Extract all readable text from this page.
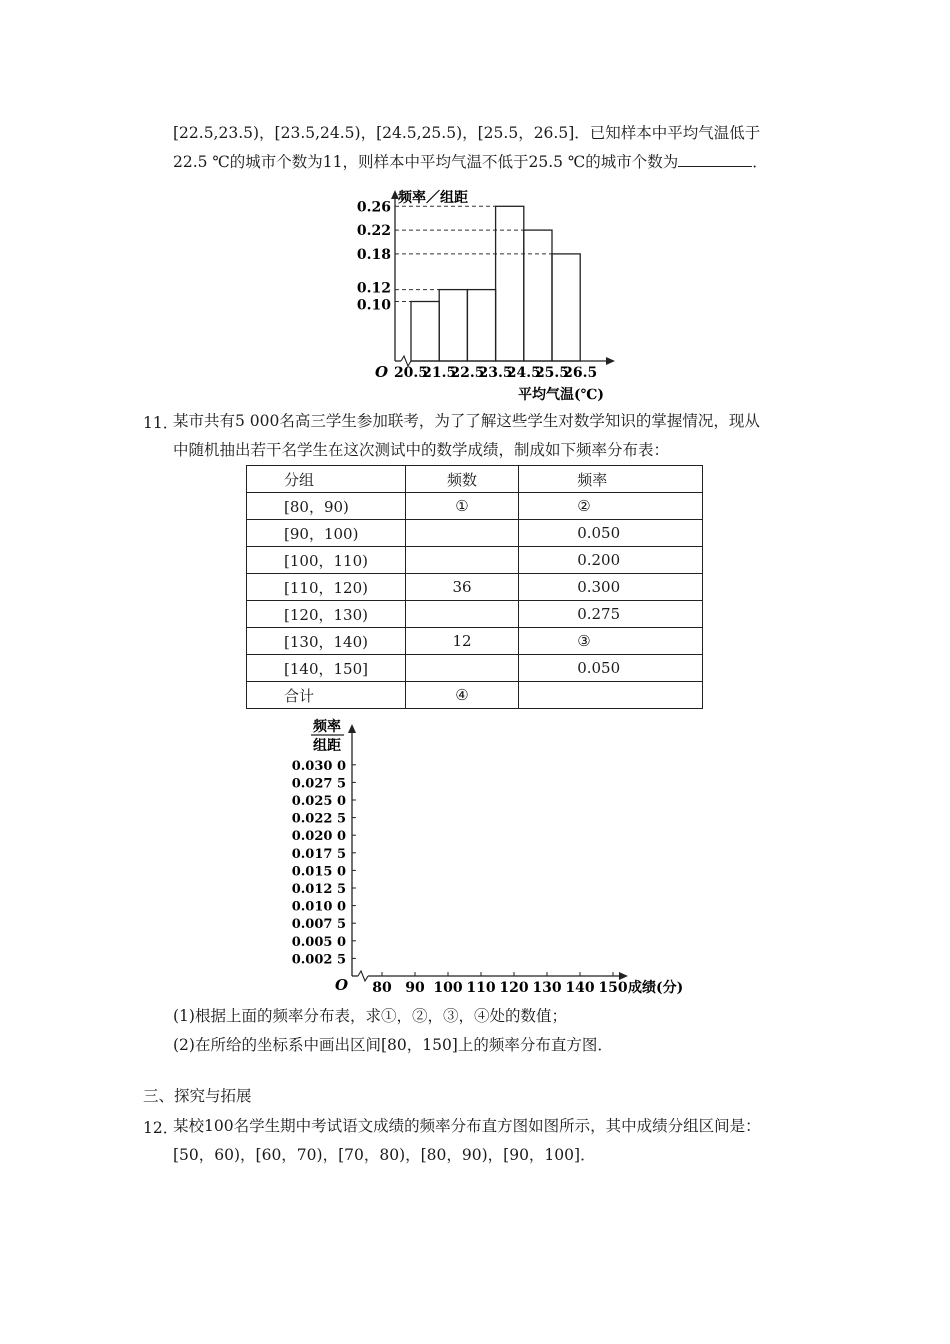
[22.5,23.5)，[23.5,24.5)，[24.5,25.5)，[25.5，26.5]．已知样本中平均气温低于
22.5 ℃的城市个数为11，则样本中平均气温不低于25.5 ℃的城市个数为	．
0.10
0.12
0.18
0.22
0.26
20.5
21.5
22.5
23.5
24.5
25.5
26.5
频率／组距
O
平均气温(℃)
11．
某市共有5 000名高三学生参加联考，为了了解这些学生对数学知识的掌握情况，现从
中随机抽出若干名学生在这次测试中的数学成绩，制成如下频率分布表：
分组	频数	频率
[80，90)	①	②
[90，100)		0.050
[100，110)		0.200
[110，120)	36	0.300
[120，130)		0.275
[130，140)	12	③
[140，150]		0.050
合计	④	
频率
组距
0.030 0
0.027 5
0.025 0
0.022 5
0.020 0
0.017 5
0.015 0
0.012 5
0.010 0
0.007 5
0.005 0
0.002 5
80 90 100 110 120 130 140 150
O	成绩(分)
(1)根据上面的频率分布表，求①，②，③，④处的数值；
(2)在所给的坐标系中画出区间[80，150]上的频率分布直方图．
三、探究与拓展
12．
某校100名学生期中考试语文成绩的频率分布直方图如图所示，其中成绩分组区间是：
[50，60)，[60，70)，[70，80)，[80，90)，[90，100]．
